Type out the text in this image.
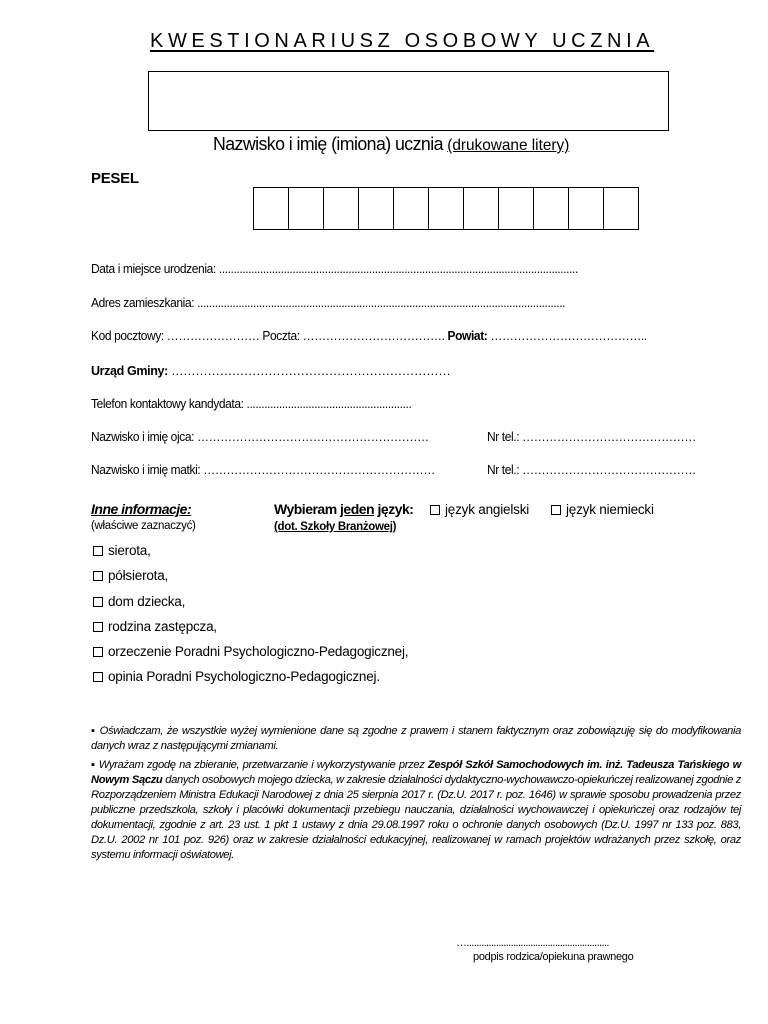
KWESTIONARIUSZ OSOBOWY UCZNIA
Nazwisko i imię (imiona) ucznia (drukowane litery)
PESEL
Data i miejsce urodzenia: ..........................................................................................................................
Adres zamieszkania: .............................................................................................................................
Kod pocztowy: …………………… Poczta: ………………………………. Powiat: …………………………………..
Urząd Gminy: ……………………………………………………………
Telefon kontaktowy kandydata: ........................................................
Nazwisko i imię ojca: ……………………………………………………	Nr tel.: ………………………………………
Nazwisko i imię matki: ……………………………………………………	Nr tel.: ………………………………………
Inne informacje:
(właściwe zaznaczyć)
Wybieram jeden język:
(dot. Szkoły Branżowej)
język angielski	język niemiecki
sierota,
półsierota,
dom dziecka,
rodzina zastępcza,
orzeczenie Poradni Psychologiczno-Pedagogicznej,
opinia Poradni Psychologiczno-Pedagogicznej.
▪ Oświadczam, że wszystkie wyżej wymienione dane są zgodne z prawem i stanem faktycznym oraz zobowiązuję się do modyfikowania danych wraz z następującymi zmianami.
▪ Wyrażam zgodę na zbieranie, przetwarzanie i wykorzystywanie przez Zespół Szkół Samochodowych im. inż. Tadeusza Tańskiego w Nowym Sączu danych osobowych mojego dziecka, w zakresie działalności dydaktyczno-wychowawczo-opiekuńczej realizowanej zgodnie z Rozporządzeniem Ministra Edukacji Narodowej z dnia 25 sierpnia 2017 r. (Dz.U. 2017 r. poz. 1646) w sprawie sposobu prowadzenia przez publiczne przedszkola, szkoły i placówki dokumentacji przebiegu nauczania, działalności wychowawczej i opiekuńczej oraz rodzajów tej dokumentacji, zgodnie z art. 23 ust. 1 pkt 1 ustawy z dnia 29.08.1997 roku o ochronie danych osobowych (Dz.U. 1997 nr 133 poz. 883, Dz.U. 2002 nr 101 poz. 926) oraz w zakresie działalności edukacyjnej, realizowanej w ramach projektów wdrażanych przez szkołę, oraz systemu informacji oświatowej.
…..........................................................
podpis rodzica/opiekuna prawnego
